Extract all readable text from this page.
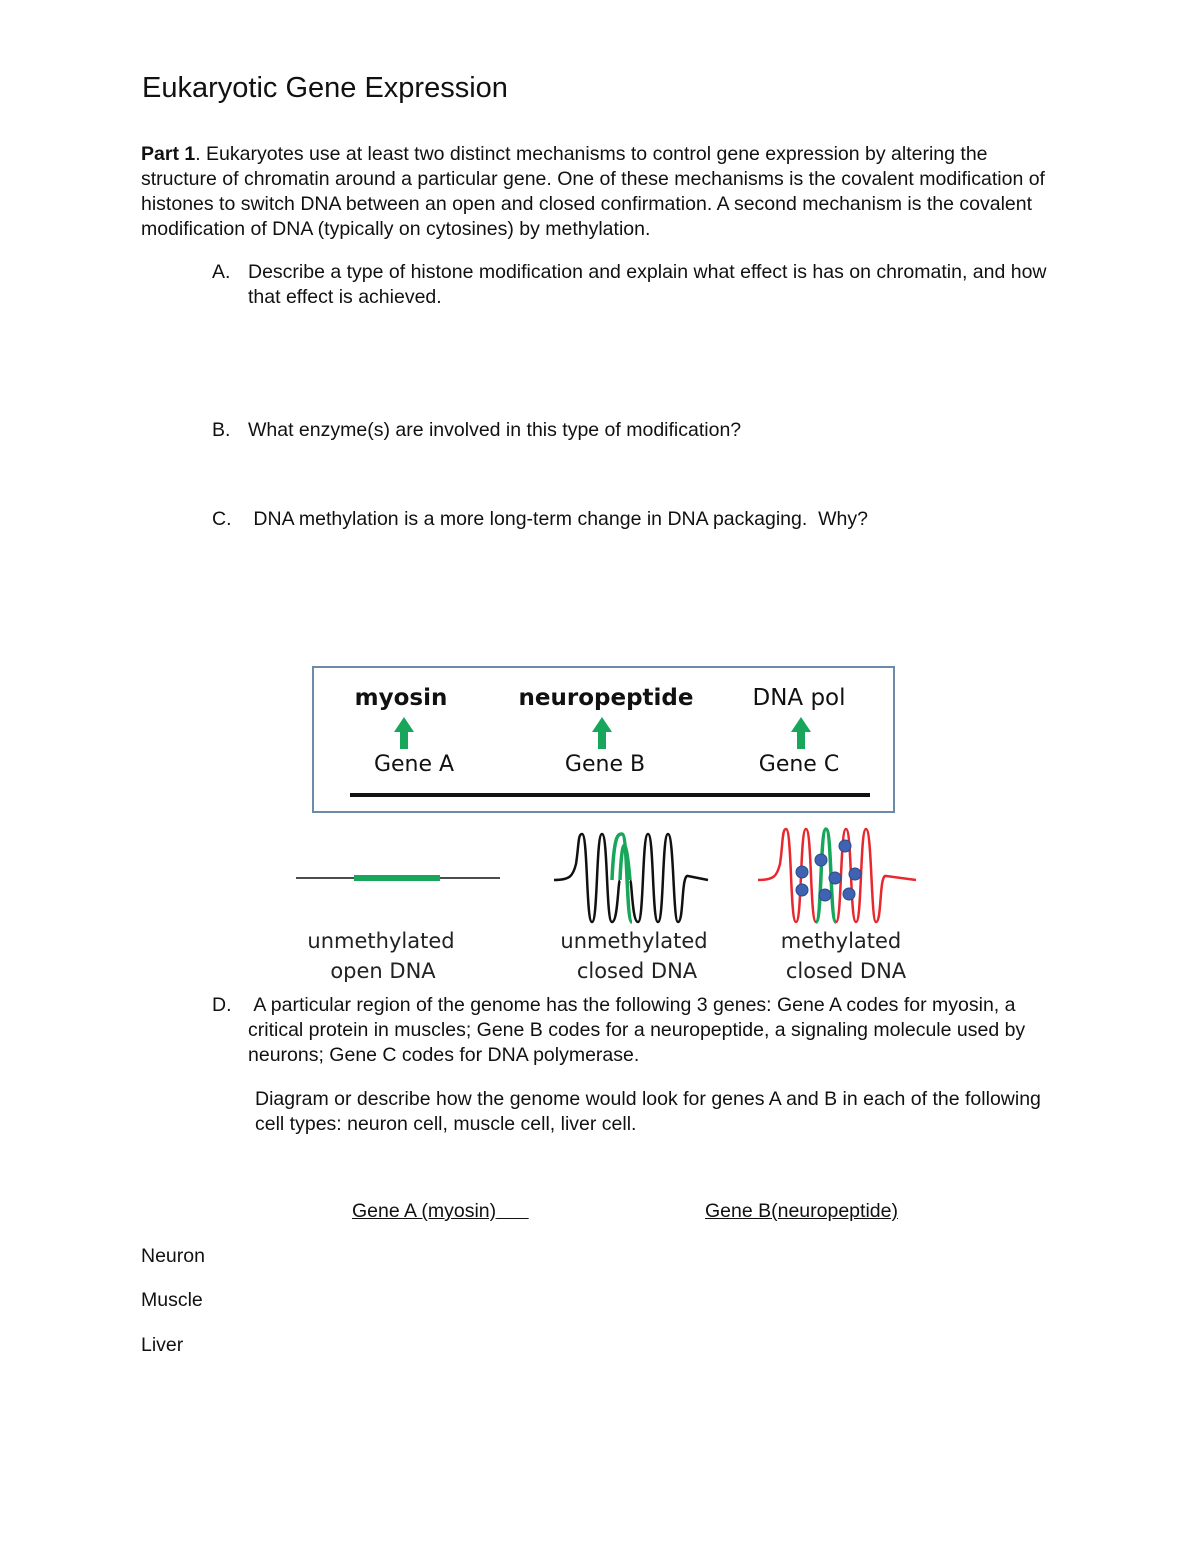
Eukaryotic Gene Expression
Part 1. Eukaryotes use at least two distinct mechanisms to control gene expression by altering the structure of chromatin around a particular gene. One of these mechanisms is the covalent modification of histones to switch DNA between an open and closed confirmation. A second mechanism is the covalent modification of DNA (typically on cytosines) by methylation.
A. Describe a type of histone modification and explain what effect is has on chromatin, and how that effect is achieved.
B. What enzyme(s) are involved in this type of modification?
C. DNA methylation is a more long-term change in DNA packaging.  Why?
myosin	neuropeptide	DNA pol
Gene A	Gene B	Gene C
unmethylated
open DNA
unmethylated
closed DNA
methylated
closed DNA
D. A particular region of the genome has the following 3 genes: Gene A codes for myosin, a critical protein in muscles; Gene B codes for a neuropeptide, a signaling molecule used by neurons; Gene C codes for DNA polymerase.
Diagram or describe how the genome would look for genes A and B in each of the following cell types: neuron cell, muscle cell, liver cell.
Gene A (myosin)	Gene B(neuropeptide)
Neuron
Muscle
Liver
